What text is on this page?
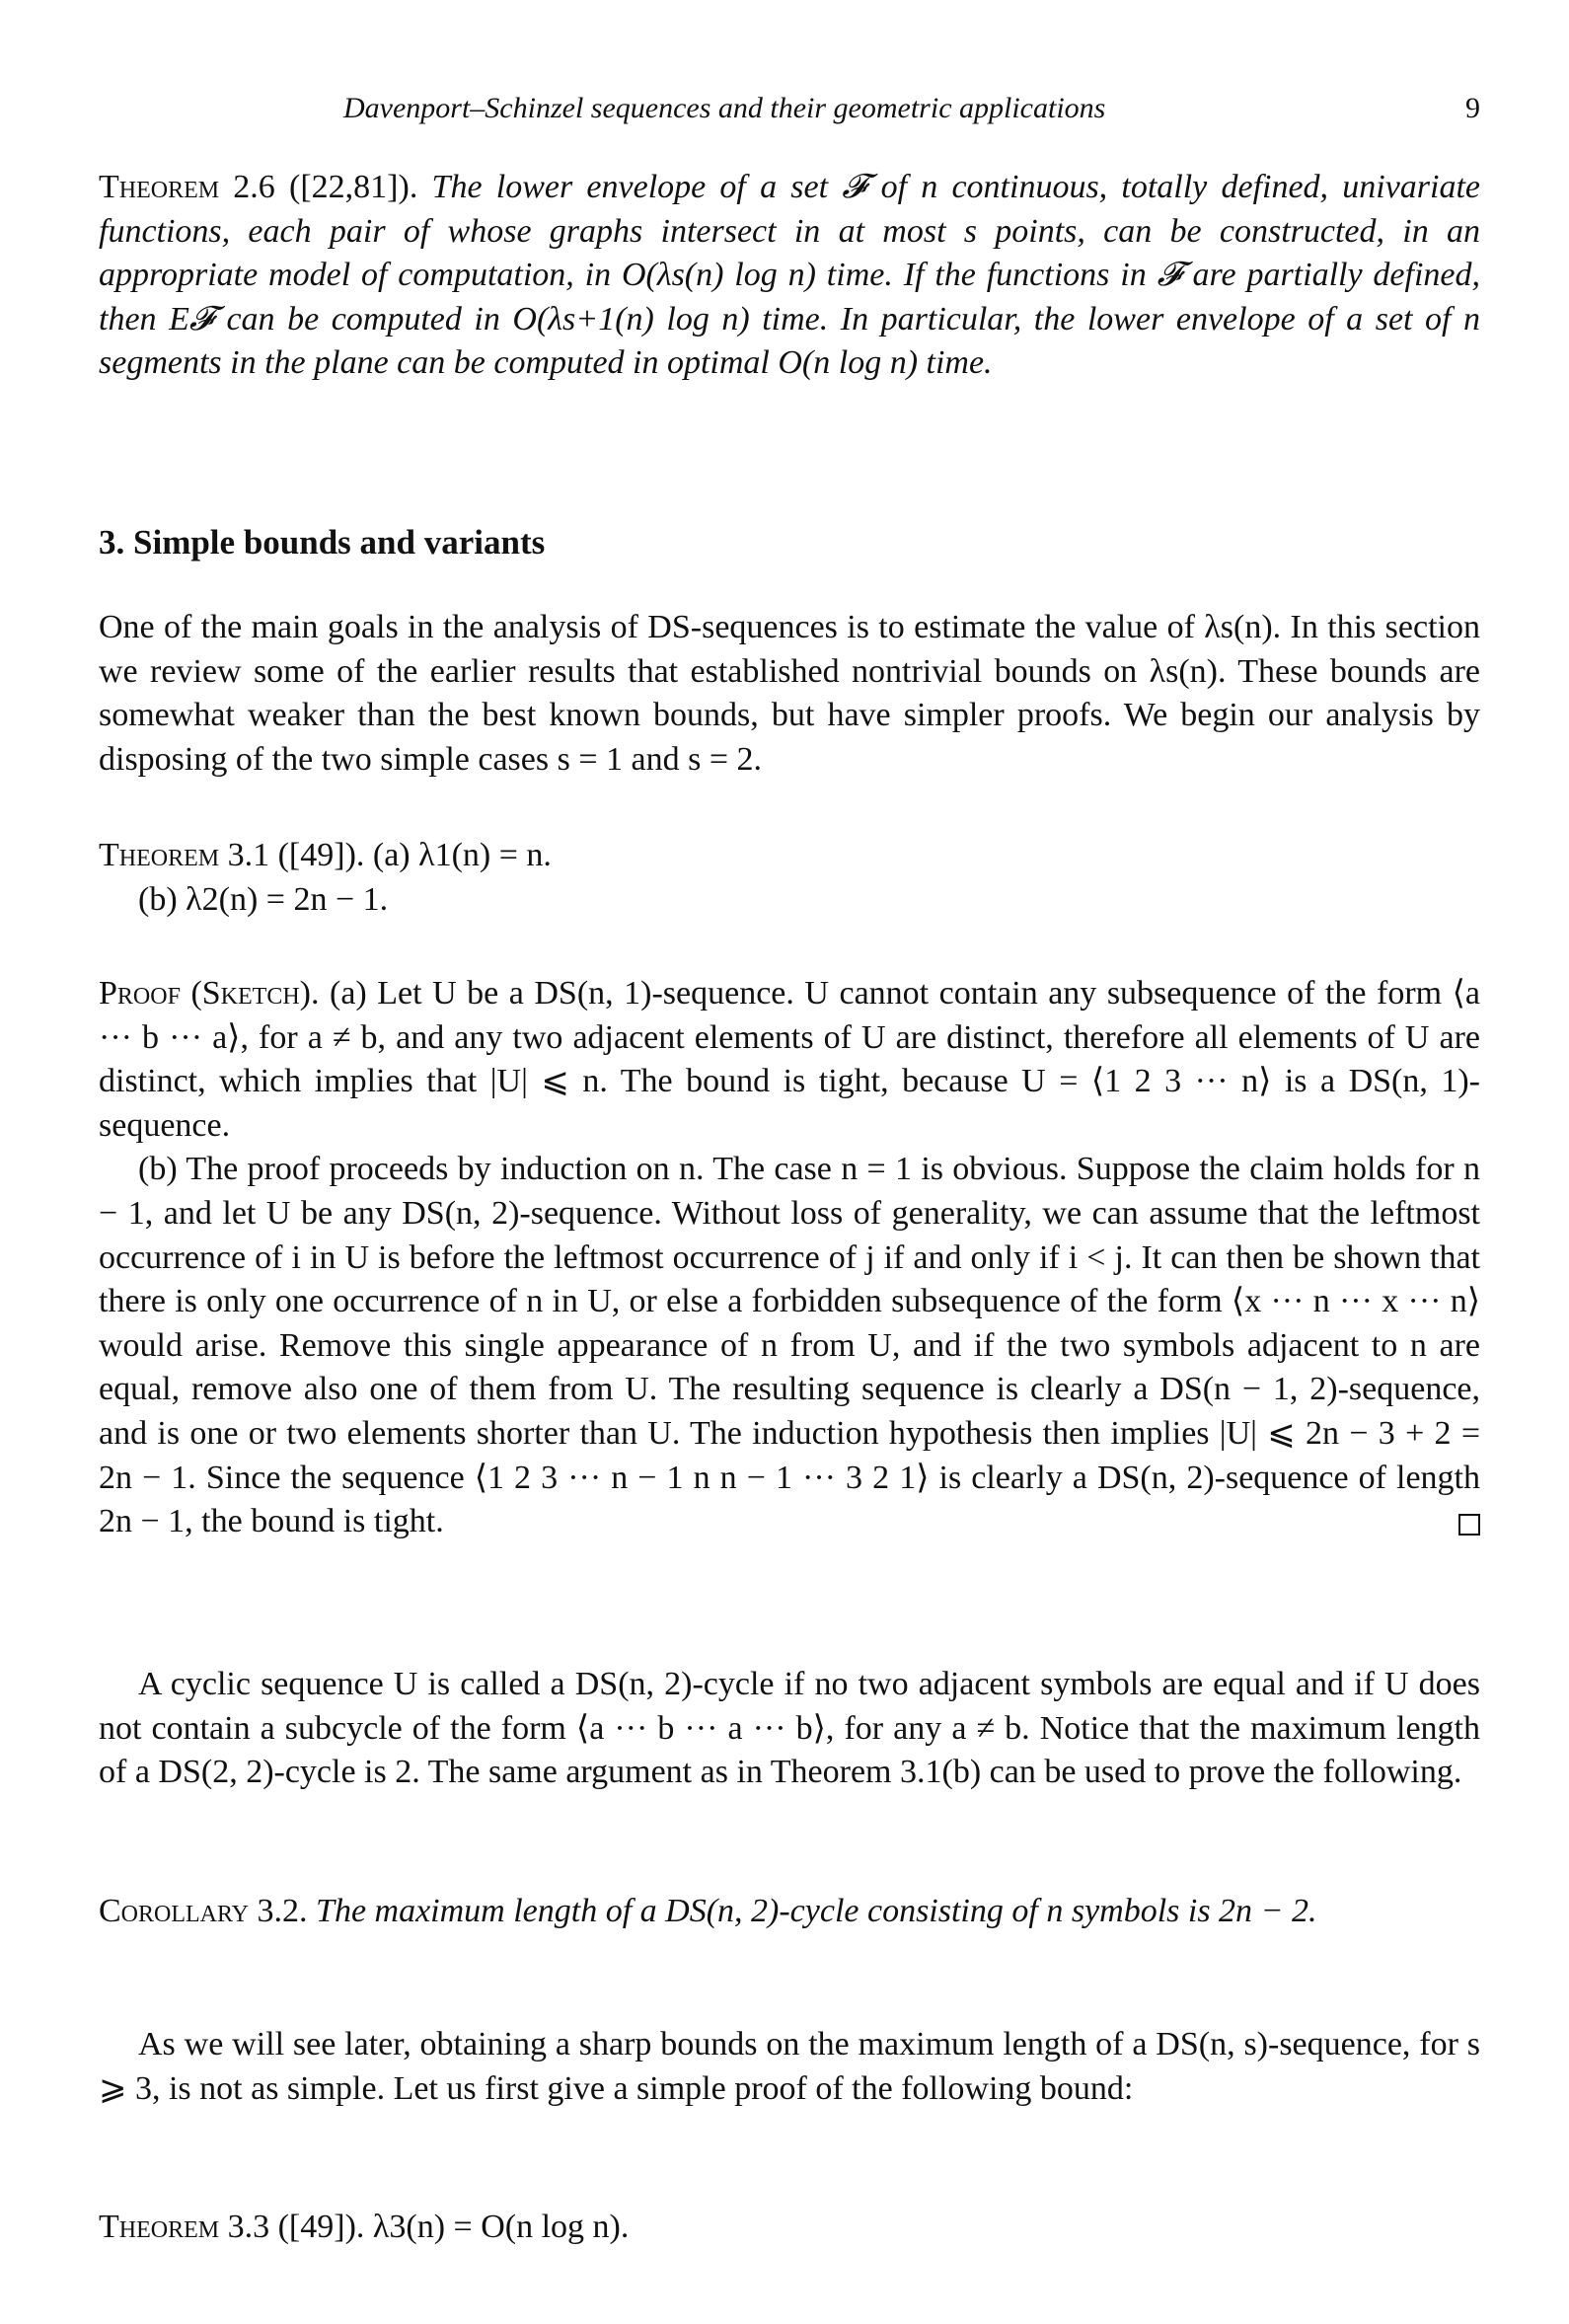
Davenport–Schinzel sequences and their geometric applications	9

Theorem 2.6 ([22,81]). The lower envelope of a set 𝓕 of n continuous, totally defined, univariate functions, each pair of whose graphs intersect in at most s points, can be constructed, in an appropriate model of computation, in O(λs(n) log n) time. If the functions in 𝓕 are partially defined, then E𝓕 can be computed in O(λs+1(n) log n) time. In particular, the lower envelope of a set of n segments in the plane can be computed in optimal O(n log n) time.

3. Simple bounds and variants

One of the main goals in the analysis of DS-sequences is to estimate the value of λs(n). In this section we review some of the earlier results that established nontrivial bounds on λs(n). These bounds are somewhat weaker than the best known bounds, but have simpler proofs. We begin our analysis by disposing of the two simple cases s = 1 and s = 2.

Theorem 3.1 ([49]). (a) λ1(n) = n.

(b) λ2(n) = 2n − 1.

Proof (Sketch). (a) Let U be a DS(n, 1)-sequence. U cannot contain any subsequence of the form ⟨a ··· b ··· a⟩, for a ≠ b, and any two adjacent elements of U are distinct, therefore all elements of U are distinct, which implies that |U| ⩽ n. The bound is tight, because U = ⟨1 2 3 ··· n⟩ is a DS(n, 1)-sequence.

(b) The proof proceeds by induction on n. The case n = 1 is obvious. Suppose the claim holds for n − 1, and let U be any DS(n, 2)-sequence. Without loss of generality, we can assume that the leftmost occurrence of i in U is before the leftmost occurrence of j if and only if i < j. It can then be shown that there is only one occurrence of n in U, or else a forbidden subsequence of the form ⟨x ··· n ··· x ··· n⟩ would arise. Remove this single appearance of n from U, and if the two symbols adjacent to n are equal, remove also one of them from U. The resulting sequence is clearly a DS(n − 1, 2)-sequence, and is one or two elements shorter than U. The induction hypothesis then implies |U| ⩽ 2n − 3 + 2 = 2n − 1. Since the sequence ⟨1 2 3 ··· n − 1 n n − 1 ··· 3 2 1⟩ is clearly a DS(n, 2)-sequence of length 2n − 1, the bound is tight.

A cyclic sequence U is called a DS(n, 2)-cycle if no two adjacent symbols are equal and if U does not contain a subcycle of the form ⟨a ··· b ··· a ··· b⟩, for any a ≠ b. Notice that the maximum length of a DS(2, 2)-cycle is 2. The same argument as in Theorem 3.1(b) can be used to prove the following.

Corollary 3.2. The maximum length of a DS(n, 2)-cycle consisting of n symbols is 2n − 2.

As we will see later, obtaining a sharp bounds on the maximum length of a DS(n, s)-sequence, for s ⩾ 3, is not as simple. Let us first give a simple proof of the following bound:

Theorem 3.3 ([49]). λ3(n) = O(n log n).
